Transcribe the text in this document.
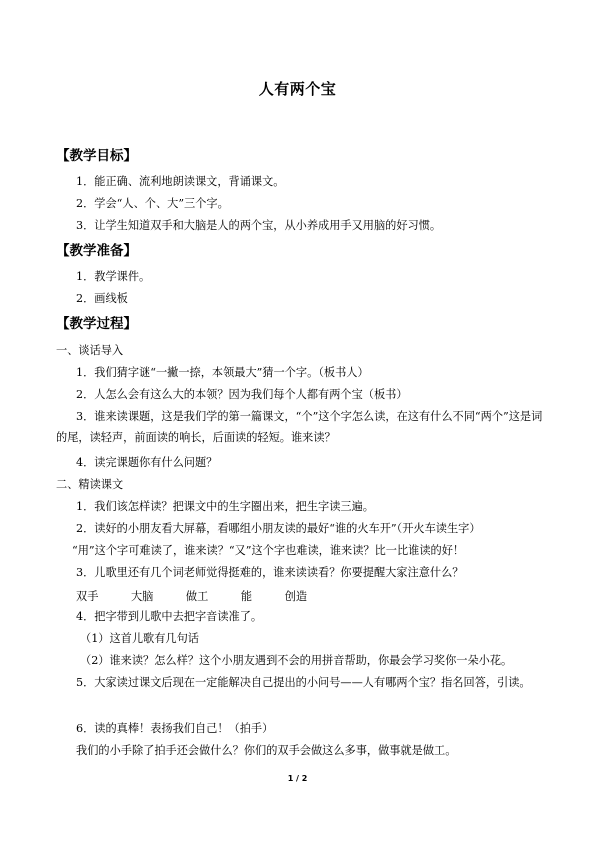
人有两个宝
【教学目标】
1．能正确、流利地朗读课文，背诵课文。
2．学会“人、个、大”三个字。
3．让学生知道双手和大脑是人的两个宝，从小养成用手又用脑的好习惯。
【教学准备】
1．教学课件。
2．画线板
【教学过程】
一、谈话导入
1．我们猜字谜“一撇一捺，本领最大”猜一个字。（板书人）
2．人怎么会有这么大的本领？因为我们每个人都有两个宝（板书）
3．谁来读课题，这是我们学的第一篇课文，“个”这个字怎么读，在这有什么不同“两个”这是词的尾，读轻声，前面读的响长，后面读的轻短。谁来读？
4．读完课题你有什么问题？
二、精读课文
1．我们该怎样读？把课文中的生字圈出来，把生字读三遍。
2．读好的小朋友看大屏幕，看哪组小朋友读的最好“谁的火车开”（开火车读生字）
“用”这个字可难读了，谁来读？“又”这个字也难读，谁来读？比一比谁读的好！
3．儿歌里还有几个词老师觉得挺难的，谁来读读看？你要提醒大家注意什么？
双手	大脑	做工	能	创造
4．把字带到儿歌中去把字音读准了。
（1）这首儿歌有几句话
（2）谁来读？怎么样？这个小朋友遇到不会的用拼音帮助，你最会学习奖你一朵小花。
5．大家读过课文后现在一定能解决自己提出的小问号——人有哪两个宝？指名回答，引读。
6．读的真棒！表扬我们自己！（拍手）
我们的小手除了拍手还会做什么？你们的双手会做这么多事，做事就是做工。
1 / 2
